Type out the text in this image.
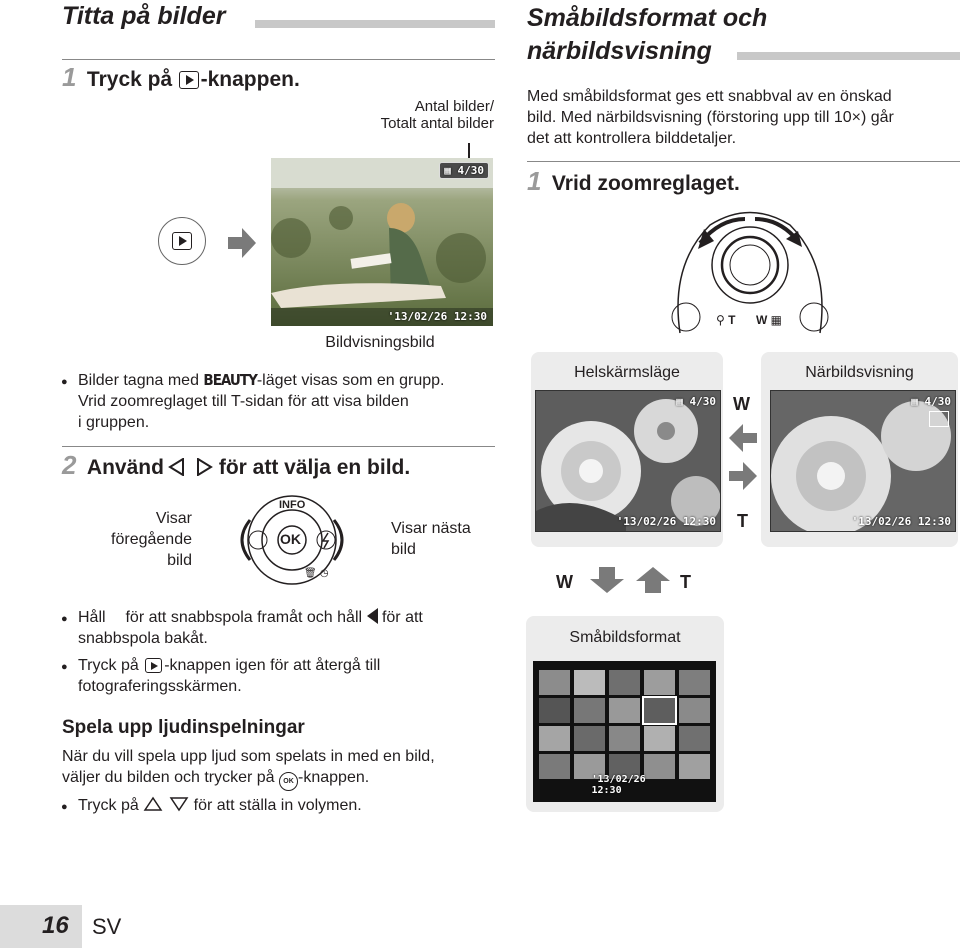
Titta på bilder
1 Tryck på -knappen.
Antal bilder/
Totalt antal bilder
▦ 4/30
'13/02/26 12:30
Bildvisningsbild
● Bilder tagna med BEAUTY-läget visas som en grupp.
Vrid zoomreglaget till T-sidan för att visa bilden
i gruppen.
2 Använd	för att välja en bild.
Visar
föregående
bild
🗑 ◷
INFO
OK
Visar nästa
bild
● Håll för att snabbspola framåt och håll för att
snabbspola bakåt.
● Tryck på -knappen igen för att återgå till
fotograferingsskärmen.
Spela upp ljudinspelningar
När du vill spela upp ljud som spelats in med en bild,
väljer du bilden och trycker på OK -knappen.
● Tryck på	för att ställa in volymen.
16 SV
Småbildsformat och
närbildsvisning
Med småbildsformat ges ett snabbval av en önskad
bild. Med närbildsvisning (förstoring upp till 10×) går
det att kontrollera bilddetaljer.
1 Vrid zoomreglaget.
⚲ T W ▦
Helskärmsläge
▦ 4/30
'13/02/26 12:30
W
T
Närbildsvisning
▦ 4/30
'13/02/26 12:30
W	T
Småbildsformat
'13/02/26 12:30
